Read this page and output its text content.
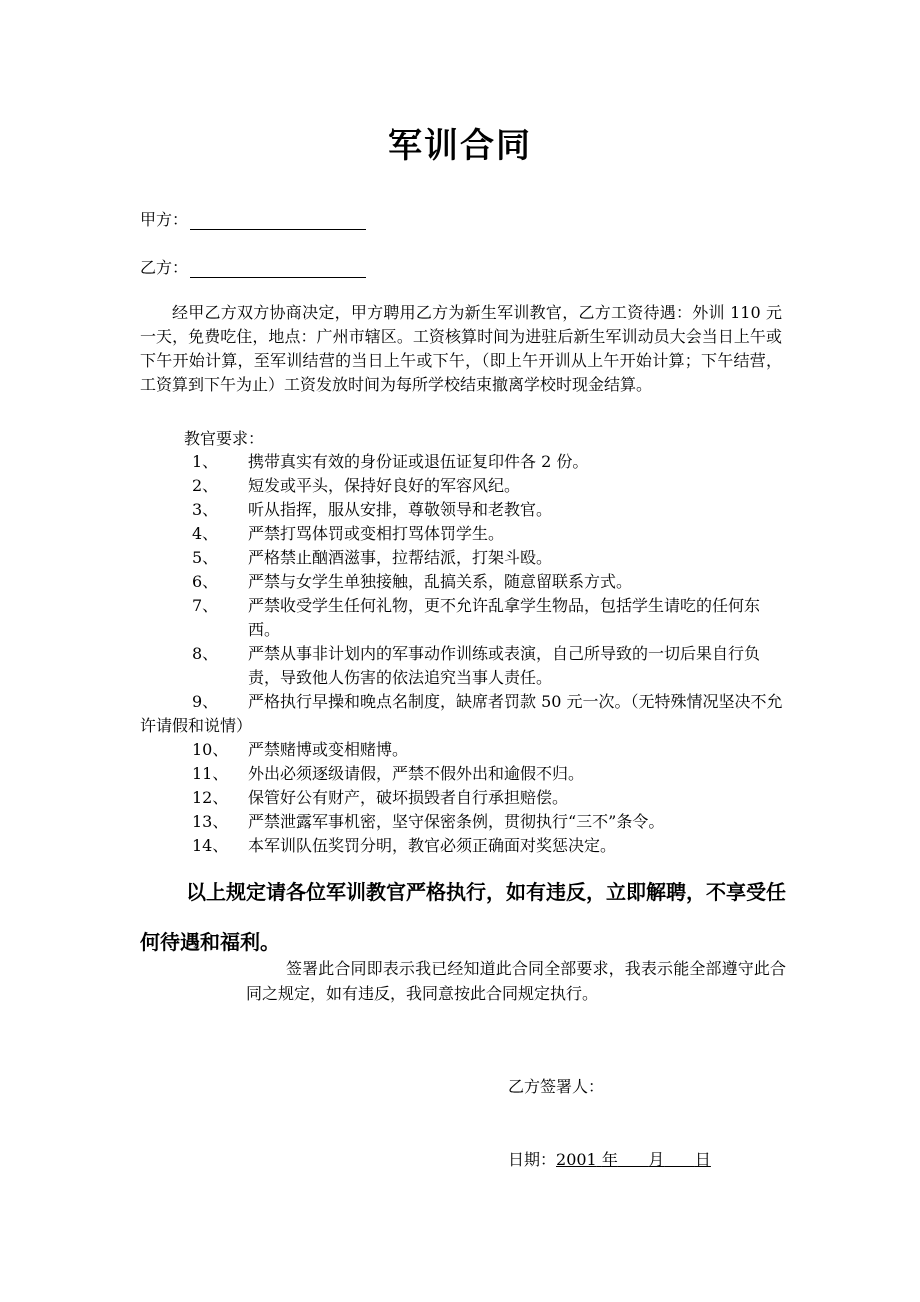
军训合同
甲方：
乙方：
经甲乙方双方协商决定，甲方聘用乙方为新生军训教官，乙方工资待遇：外训 110 元一天，免费吃住，地点：广州市辖区。工资核算时间为进驻后新生军训动员大会当日上午或下午开始计算，至军训结营的当日上午或下午，（即上午开训从上午开始计算；下午结营，工资算到下午为止）工资发放时间为每所学校结束撤离学校时现金结算。
教官要求：
1、 携带真实有效的身份证或退伍证复印件各 2 份。
2、 短发或平头，保持好良好的军容风纪。
3、 听从指挥，服从安排，尊敬领导和老教官。
4、 严禁打骂体罚或变相打骂体罚学生。
5、 严格禁止酗酒滋事，拉帮结派，打架斗殴。
6、 严禁与女学生单独接触，乱搞关系，随意留联系方式。
7、 严禁收受学生任何礼物，更不允许乱拿学生物品，包括学生请吃的任何东西。
8、 严禁从事非计划内的军事动作训练或表演，自己所导致的一切后果自行负责，导致他人伤害的依法追究当事人责任。
9、	严格执行早操和晚点名制度，缺席者罚款 50 元一次。（无特殊情况坚决不允许请假和说情）
10、 严禁赌博或变相赌博。
11、 外出必须逐级请假，严禁不假外出和逾假不归。
12、 保管好公有财产，破坏损毁者自行承担赔偿。
13、 严禁泄露军事机密，坚守保密条例，贯彻执行“三不”条令。
14、 本军训队伍奖罚分明，教官必须正确面对奖惩决定。
以上规定请各位军训教官严格执行，如有违反，立即解聘，不享受任何待遇和福利。
签署此合同即表示我已经知道此合同全部要求，我表示能全部遵守此合同之规定，如有违反，我同意按此合同规定执行。
乙方签署人：
日期：2001 年 月 日
